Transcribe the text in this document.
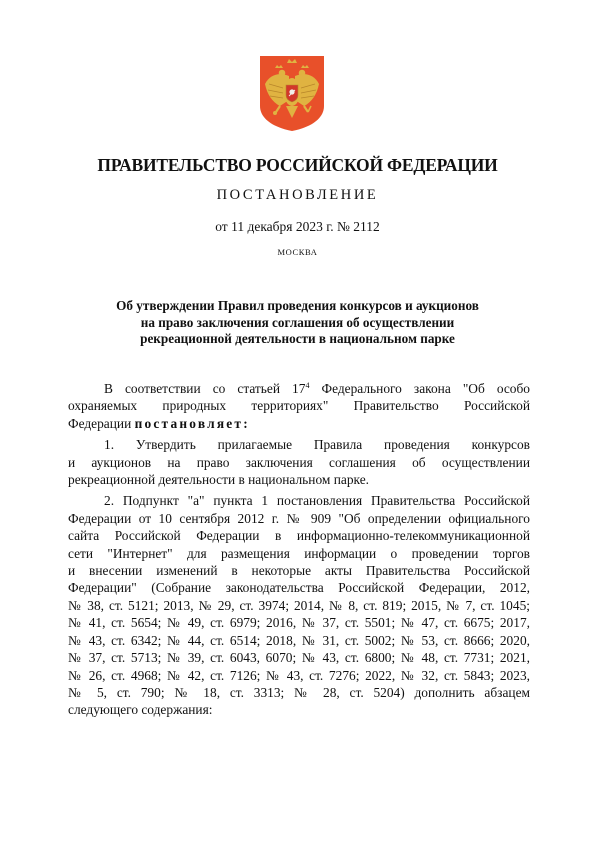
ПРАВИТЕЛЬСТВО РОССИЙСКОЙ ФЕДЕРАЦИИ
ПОСТАНОВЛЕНИЕ
от 11 декабря 2023 г. № 2112
МОСКВА
Об утверждении Правил проведения конкурсов и аукционов
на право заключения соглашения об осуществлении
рекреационной деятельности в национальном парке
В соответствии со статьей $17^4$ Федерального закона "Об особо
охраняемых природных территориях" Правительство Российской
Федерации постановляет:
1. Утвердить прилагаемые Правила проведения конкурсов
и аукционов на право заключения соглашения об осуществлении
рекреационной деятельности в национальном парке.
2. Подпункт "а" пункта 1 постановления Правительства Российской
Федерации от 10 сентября 2012 г. № 909 "Об определении официального
сайта Российской Федерации в информационно-телекоммуникационной
сети "Интернет" для размещения информации о проведении торгов
и внесении изменений в некоторые акты Правительства Российской
Федерации" (Собрание законодательства Российской Федерации, 2012,
№ 38, ст. 5121; 2013, № 29, ст. 3974; 2014, № 8, ст. 819; 2015, № 7, ст. 1045;
№ 41, ст. 5654; № 49, ст. 6979; 2016, № 37, ст. 5501; № 47, ст. 6675; 2017,
№ 43, ст. 6342; № 44, ст. 6514; 2018, № 31, ст. 5002; № 53, ст. 8666; 2020,
№ 37, ст. 5713; № 39, ст. 6043, 6070; № 43, ст. 6800; № 48, ст. 7731; 2021,
№ 26, ст. 4968; № 42, ст. 7126; № 43, ст. 7276; 2022, № 32, ст. 5843; 2023,
№ 5, ст. 790; № 18, ст. 3313; № 28, ст. 5204) дополнить абзацем
следующего содержания:
